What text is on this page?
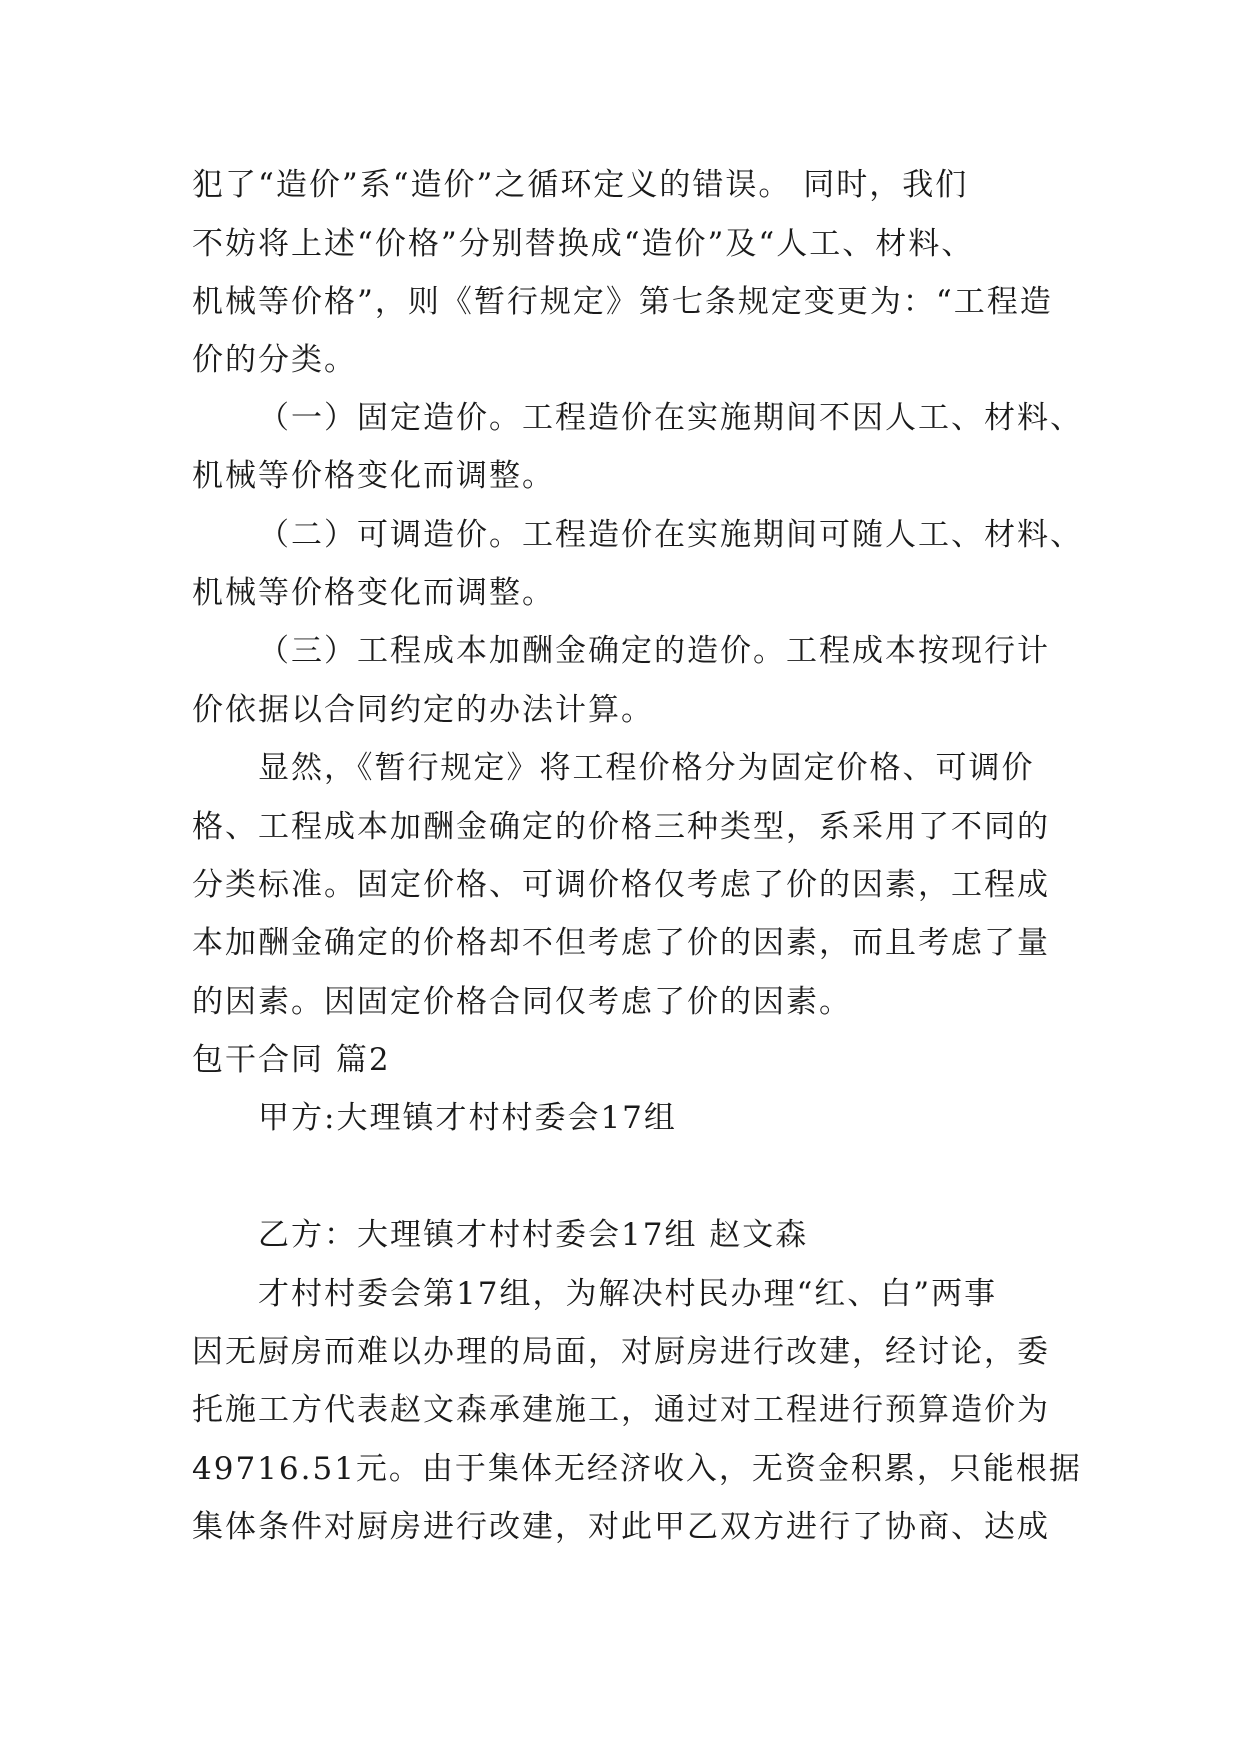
犯了“造价”系“造价”之循环定义的错误。 同时，我们
不妨将上述“价格”分别替换成“造价”及“人工、材料、
机械等价格”，则《暂行规定》第七条规定变更为：“工程造
价的分类。
（一）固定造价。工程造价在实施期间不因人工、材料、
机械等价格变化而调整。
（二）可调造价。工程造价在实施期间可随人工、材料、
机械等价格变化而调整。
（三）工程成本加酬金确定的造价。工程成本按现行计
价依据以合同约定的办法计算。
显然，《暂行规定》将工程价格分为固定价格、可调价
格、工程成本加酬金确定的价格三种类型，系采用了不同的
分类标准。固定价格、可调价格仅考虑了价的因素，工程成
本加酬金确定的价格却不但考虑了价的因素，而且考虑了量
的因素。因固定价格合同仅考虑了价的因素。
包干合同 篇2
甲方:大理镇才村村委会17组
乙方：大理镇才村村委会17组 赵文森
才村村委会第17组，为解决村民办理“红、白”两事
因无厨房而难以办理的局面，对厨房进行改建，经讨论，委
托施工方代表赵文森承建施工，通过对工程进行预算造价为
49716.51元。由于集体无经济收入，无资金积累，只能根据
集体条件对厨房进行改建，对此甲乙双方进行了协商、达成
